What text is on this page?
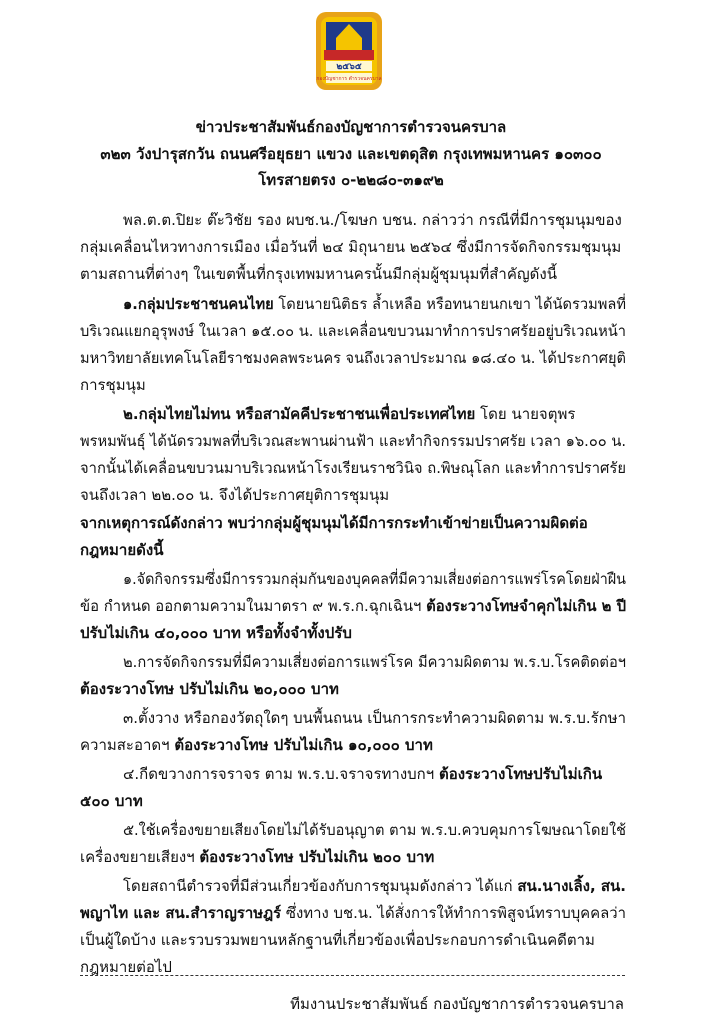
๒๕๖๕
กองบัญชาการ ตำรวจนครบาล
ข่าวประชาสัมพันธ์กองบัญชาการตำรวจนครบาล
๓๒๓ วังปารุสกวัน ถนนศรีอยุธยา แขวง และเขตดุสิต กรุงเทพมหานคร ๑๐๓๐๐
โทรสายตรง ๐-๒๒๘๐-๓๑๙๒
พล.ต.ต.ปิยะ ต๊ะวิชัย รอง ผบช.น./โฆษก บชน. กล่าวว่า กรณีที่มีการชุมนุมของ
กลุ่มเคลื่อนไหวทางการเมือง เมื่อวันที่ ๒๔ มิถุนายน ๒๕๖๔ ซึ่งมีการจัดกิจกรรมชุมนุม
ตามสถานที่ต่างๆ ในเขตพื้นที่กรุงเทพมหานครนั้นมีกลุ่มผู้ชุมนุมที่สำคัญดังนี้
๑.กลุ่มประชาชนคนไทย โดยนายนิติธร ล้ำเหลือ หรือทนายนกเขา ได้นัดรวมพลที่
บริเวณแยกอุรุพงษ์ ในเวลา ๑๕.๐๐ น. และเคลื่อนขบวนมาทำการปราศรัยอยู่บริเวณหน้า
มหาวิทยาลัยเทคโนโลยีราชมงคลพระนคร จนถึงเวลาประมาณ ๑๘.๔๐ น. ได้ประกาศยุติ
การชุมนุม
๒.กลุ่มไทยไม่ทน หรือสามัคคีประชาชนเพื่อประเทศไทย โดย นายจตุพร
พรหมพันธุ์ ได้นัดรวมพลที่บริเวณสะพานผ่านฟ้า และทำกิจกรรมปราศรัย เวลา ๑๖.๐๐ น.
จากนั้นได้เคลื่อนขบวนมาบริเวณหน้าโรงเรียนราชวินิจ ถ.พิษณุโลก และทำการปราศรัย
จนถึงเวลา ๒๒.๐๐ น. จึงได้ประกาศยุติการชุมนุม
จากเหตุการณ์ดังกล่าว พบว่ากลุ่มผู้ชุมนุมได้มีการกระทำเข้าข่ายเป็นความผิดต่อ
กฎหมายดังนี้
๑.จัดกิจกรรมซึ่งมีการรวมกลุ่มกันของบุคคลที่มีความเสี่ยงต่อการแพร่โรคโดยฝ่าฝืน
ข้อ กำหนด ออกตามความในมาตรา ๙ พ.ร.ก.ฉุกเฉินฯ ต้องระวางโทษจำคุกไม่เกิน ๒ ปี
ปรับไม่เกิน ๔๐,๐๐๐ บาท หรือทั้งจำทั้งปรับ
๒.การจัดกิจกรรมที่มีความเสี่ยงต่อการแพร่โรค มีความผิดตาม พ.ร.บ.โรคติดต่อฯ
ต้องระวางโทษ ปรับไม่เกิน ๒๐,๐๐๐ บาท
๓.ตั้งวาง หรือกองวัตถุใดๆ บนพื้นถนน เป็นการกระทำความผิดตาม พ.ร.บ.รักษา
ความสะอาดฯ ต้องระวางโทษ ปรับไม่เกิน ๑๐,๐๐๐ บาท
๔.กีดขวางการจราจร ตาม พ.ร.บ.จราจรทางบกฯ ต้องระวางโทษปรับไม่เกิน
๕๐๐ บาท
๕.ใช้เครื่องขยายเสียงโดยไม่ได้รับอนุญาต ตาม พ.ร.บ.ควบคุมการโฆษณาโดยใช้
เครื่องขยายเสียงฯ ต้องระวางโทษ ปรับไม่เกิน ๒๐๐ บาท
โดยสถานีตำรวจที่มีส่วนเกี่ยวข้องกับการชุมนุมดังกล่าว ได้แก่ สน.นางเลิ้ง, สน.
พญาไท และ สน.สำราญราษฎร์ ซึ่งทาง บช.น. ได้สั่งการให้ทำการพิสูจน์ทราบบุคคลว่า
เป็นผู้ใดบ้าง และรวบรวมพยานหลักฐานที่เกี่ยวข้องเพื่อประกอบการดำเนินคดีตาม
กฎหมายต่อไป
ทีมงานประชาสัมพันธ์ กองบัญชาการตำรวจนครบาล
